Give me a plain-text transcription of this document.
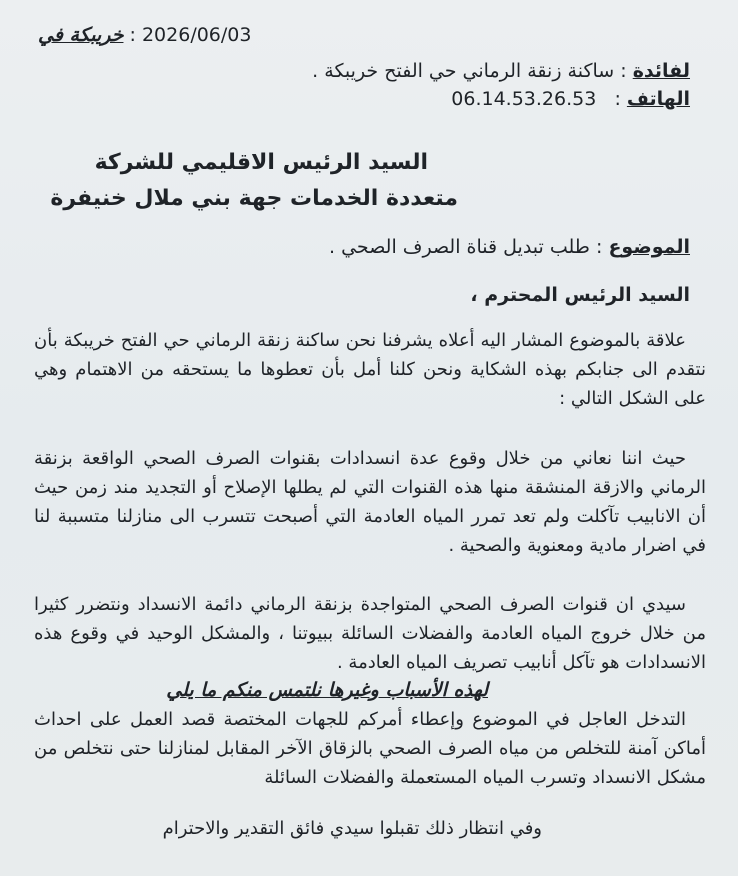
2026/06/03 : خريبكة في
لفائدة : ساكنة زنقة الرماني حي الفتح خريبكة .
الهاتف :   06.14.53.26.53
السيد الرئيس الاقليمي للشركة
متعددة الخدمات جهة بني ملال خنيفرة
الموضوع : طلب تبديل قناة الصرف الصحي .
السيد الرئيس المحترم ،
علاقة بالموضوع المشار اليه أعلاه يشرفنا نحن ساكنة زنقة الرماني حي الفتح خريبكة بأن نتقدم الى جنابكم بهذه الشكاية ونحن كلنا أمل بأن تعطوها ما يستحقه من الاهتمام وهي على الشكل التالي :
حيث اننا نعاني من خلال وقوع عدة انسدادات بقنوات الصرف الصحي الواقعة بزنقة الرماني والازقة المنشقة منها هذه القنوات التي لم يطلها الإصلاح أو التجديد مند زمن حيث أن الانابيب تآكلت ولم تعد تمرر المياه العادمة التي أصبحت تتسرب الى منازلنا متسببة لنا في اضرار مادية ومعنوية والصحية .
سيدي ان قنوات الصرف الصحي المتواجدة بزنقة الرماني دائمة الانسداد ونتضرر كثيرا من خلال خروج المياه العادمة والفضلات السائلة ببيوتنا ، والمشكل الوحيد في وقوع هذه الانسدادات هو تآكل أنابيب تصريف المياه العادمة .
لهذه الأسباب وغيرها نلتمس منكم ما يلي
التدخل العاجل في الموضوع وإعطاء أمركم للجهات المختصة قصد العمل على احداث أماكن آمنة للتخلص من مياه الصرف الصحي بالزقاق الآخر المقابل لمنازلنا حتى نتخلص من مشكل الانسداد وتسرب المياه المستعملة والفضلات السائلة
وفي انتظار ذلك تقبلوا سيدي فائق التقدير والاحترام
